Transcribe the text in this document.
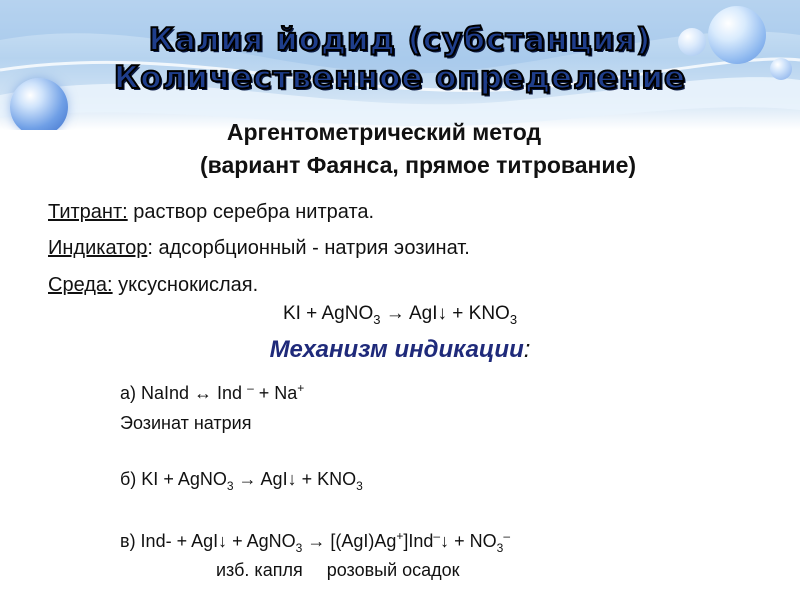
Калия йодид (субстанция)
Количественное определение
Аргентометрический метод
(вариант Фаянса, прямое титрование)
Титрант: раствор серебра нитрата.
Индикатор: адсорбционный - натрия эозинат.
Среда: уксуснокислая.
KI + AgNO$_3$ → AgI↓ + $KNO_3$
Механизм индикации:
а) NaInd ↔ Ind – + Na+
Эозинат натрия
б) KI + AgNO$_3$ → AgI↓ + $KNO_3$
в) Ind- + AgI↓ + AgNO$_3$ → [(AgI)Ag+]Ind–↓ + $NO_3^-$
изб. капля розовый осадок
